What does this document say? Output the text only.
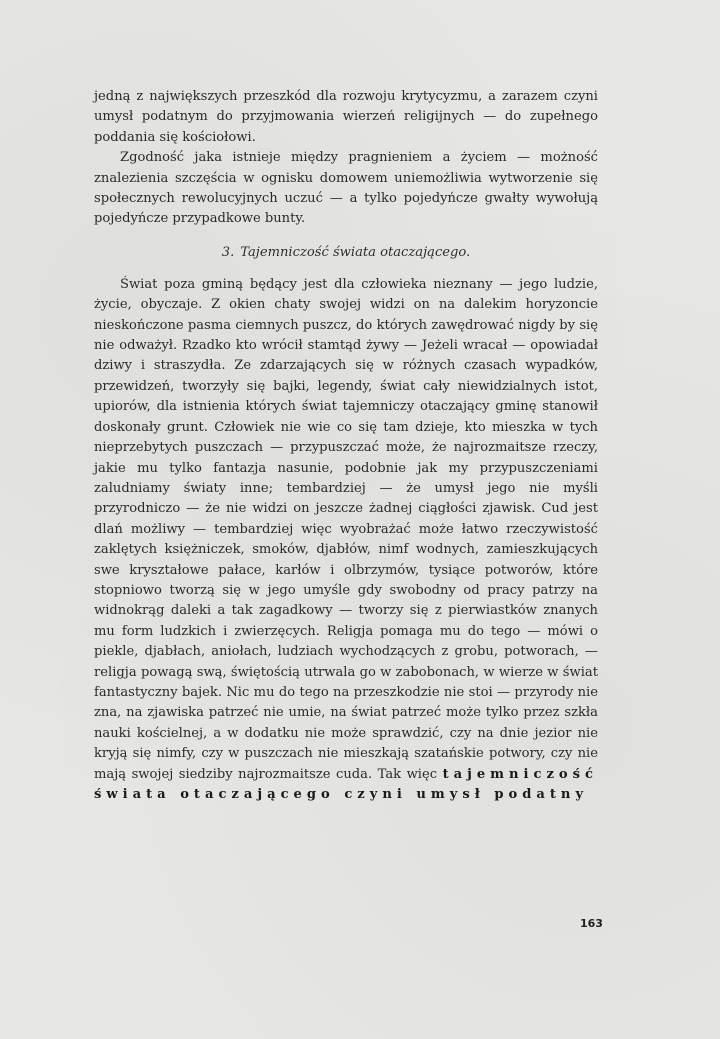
jedną z największych przeszkód dla rozwoju krytycyzmu, a zarazem czyni umysł podatnym do przyjmowania wierzeń religijnych — do zupełnego poddania się kościołowi.

Zgodność jaka istnieje między pragnieniem a życiem — możność znalezienia szczęścia w ognisku domowem uniemożliwia wytworzenie się społecznych rewolucyjnych uczuć — a tylko pojedyńcze gwałty wywołują pojedyńcze przypadkowe bunty.

3. Tajemniczość świata otaczającego.

Świat poza gminą będący jest dla człowieka nieznany — jego ludzie, życie, obyczaje. Z okien chaty swojej widzi on na dalekim horyzoncie nieskończone pasma ciemnych puszcz, do których zawędrować nigdy by się nie odważył. Rzadko kto wrócił stamtąd żywy — Jeżeli wracał — opowiadał dziwy i straszydła. Ze zdarzających się w różnych czasach wypadków, przewidzeń, tworzyły się bajki, legendy, świat cały niewidzialnych istot, upiorów, dla istnienia których świat tajemniczy otaczający gminę stanowił doskonały grunt. Człowiek nie wie co się tam dzieje, kto mieszka w tych nieprzebytych puszczach — przypuszczać może, że najrozmaitsze rzeczy, jakie mu tylko fantazja nasunie, podobnie jak my przypuszczeniami zaludniamy światy inne; tembardziej — że umysł jego nie myśli przyrodniczo — że nie widzi on jeszcze żadnej ciągłości zjawisk. Cud jest dlań możliwy — tembardziej więc wyobrażać może łatwo rzeczywistość zaklętych księżniczek, smoków, djabłów, nimf wodnych, zamieszkujących swe kryształowe pałace, karłów i olbrzymów, tysiące potworów, które stopniowo tworzą się w jego umyśle gdy swobodny od pracy patrzy na widnokrąg daleki a tak zagadkowy — tworzy się z pierwiastków znanych mu form ludzkich i zwierzęcych. Religja pomaga mu do tego — mówi o piekle, djabłach, aniołach, ludziach wychodzących z grobu, potworach, — religja powagą swą, świętością utrwala go w zabobonach, w wierze w świat fantastyczny bajek. Nic mu do tego na przeszkodzie nie stoi — przyrody nie zna, na zjawiska patrzeć nie umie, na świat patrzeć może tylko przez szkła nauki kościelnej, a w dodatku nie może sprawdzić, czy na dnie jezior nie kryją się nimfy, czy w puszczach nie mieszkają szatańskie potwory, czy nie mają swojej siedziby najrozmaitsze cuda. Tak więc tajemniczość świata otaczającego czyni umysł podatny

163
